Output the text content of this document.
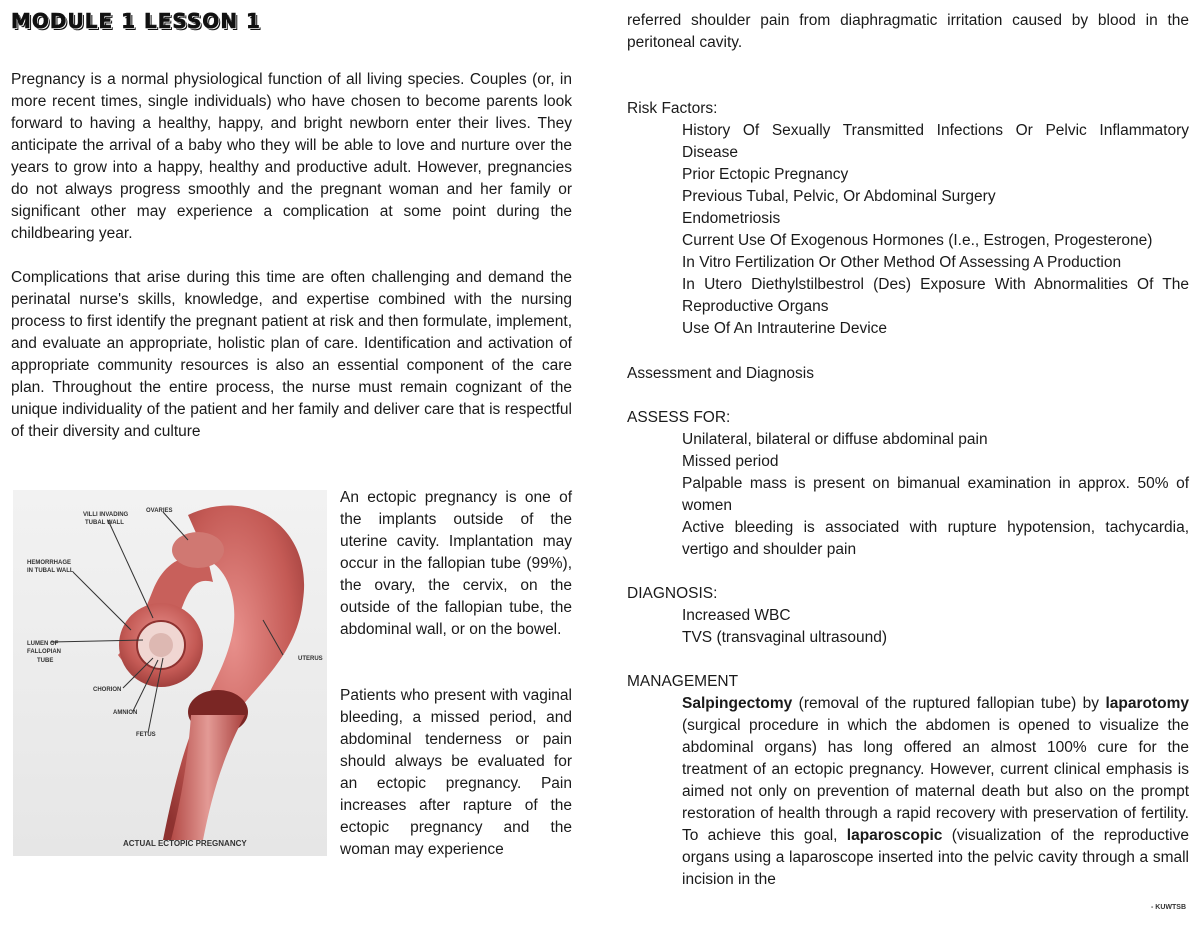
MODULE 1 LESSON 1

Pregnancy is a normal physiological function of all living species. Couples (or, in more recent times, single individuals) who have chosen to become parents look forward to having a healthy, happy, and bright newborn enter their lives. They anticipate the arrival of a baby who they will be able to love and nurture over the years to grow into a happy, healthy and productive adult. However, pregnancies do not always progress smoothly and the pregnant woman and her family or significant other may experience a complication at some point during the childbearing year.

Complications that arise during this time are often challenging and demand the perinatal nurse's skills, knowledge, and expertise combined with the nursing process to first identify the pregnant patient at risk and then formulate, implement, and evaluate an appropriate, holistic plan of care. Identification and activation of appropriate community resources is also an essential component of the care plan. Throughout the entire process, the nurse must remain cognizant of the unique individuality of the patient and her family and deliver care that is respectful of their diversity and culture

VILLI INVADING
TUBAL WALL
OVARIES
HEMORRHAGE
IN TUBAL WALL
LUMEN OF
FALLOPIAN
TUBE	UTERUS
CHORION
AMNION
FETUS
ACTUAL ECTOPIC PREGNANCY

An ectopic pregnancy is one of the implants outside of the uterine cavity. Implantation may occur in the fallopian tube (99%), the ovary, the cervix, on the outside of the fallopian tube, the abdominal wall, or on the bowel.

Patients who present with vaginal bleeding, a missed period, and abdominal tenderness or pain should always be evaluated for an ectopic pregnancy. Pain increases after rapture of the ectopic pregnancy and the woman may experience

referred shoulder pain from diaphragmatic irritation caused by blood in the peritoneal cavity.

Risk Factors:

History Of Sexually Transmitted Infections Or Pelvic Inflammatory Disease

Prior Ectopic Pregnancy

Previous Tubal, Pelvic, Or Abdominal Surgery

Endometriosis

Current Use Of Exogenous Hormones (I.e., Estrogen, Progesterone)

In Vitro Fertilization Or Other Method Of Assessing A Production

In Utero Diethylstilbestrol (Des) Exposure With Abnormalities Of The Reproductive Organs

Use Of An Intrauterine Device

Assessment and Diagnosis
ASSESS FOR:

Unilateral, bilateral or diffuse abdominal pain

Missed period

Palpable mass is present on bimanual examination in approx. 50% of women

Active bleeding is associated with rupture hypotension, tachycardia, vertigo and shoulder pain

DIAGNOSIS:

Increased WBC

TVS (transvaginal ultrasound)

MANAGEMENT

Salpingectomy (removal of the ruptured fallopian tube) by laparotomy (surgical procedure in which the abdomen is opened to visualize the abdominal organs) has long offered an almost 100% cure for the treatment of an ectopic pregnancy. However, current clinical emphasis is aimed not only on prevention of maternal death but also on the prompt restoration of health through a rapid recovery with preservation of fertility. To achieve this goal, laparoscopic (visualization of the reproductive organs using a laparoscope inserted into the pelvic cavity through a small incision in the

- KUWTSB
